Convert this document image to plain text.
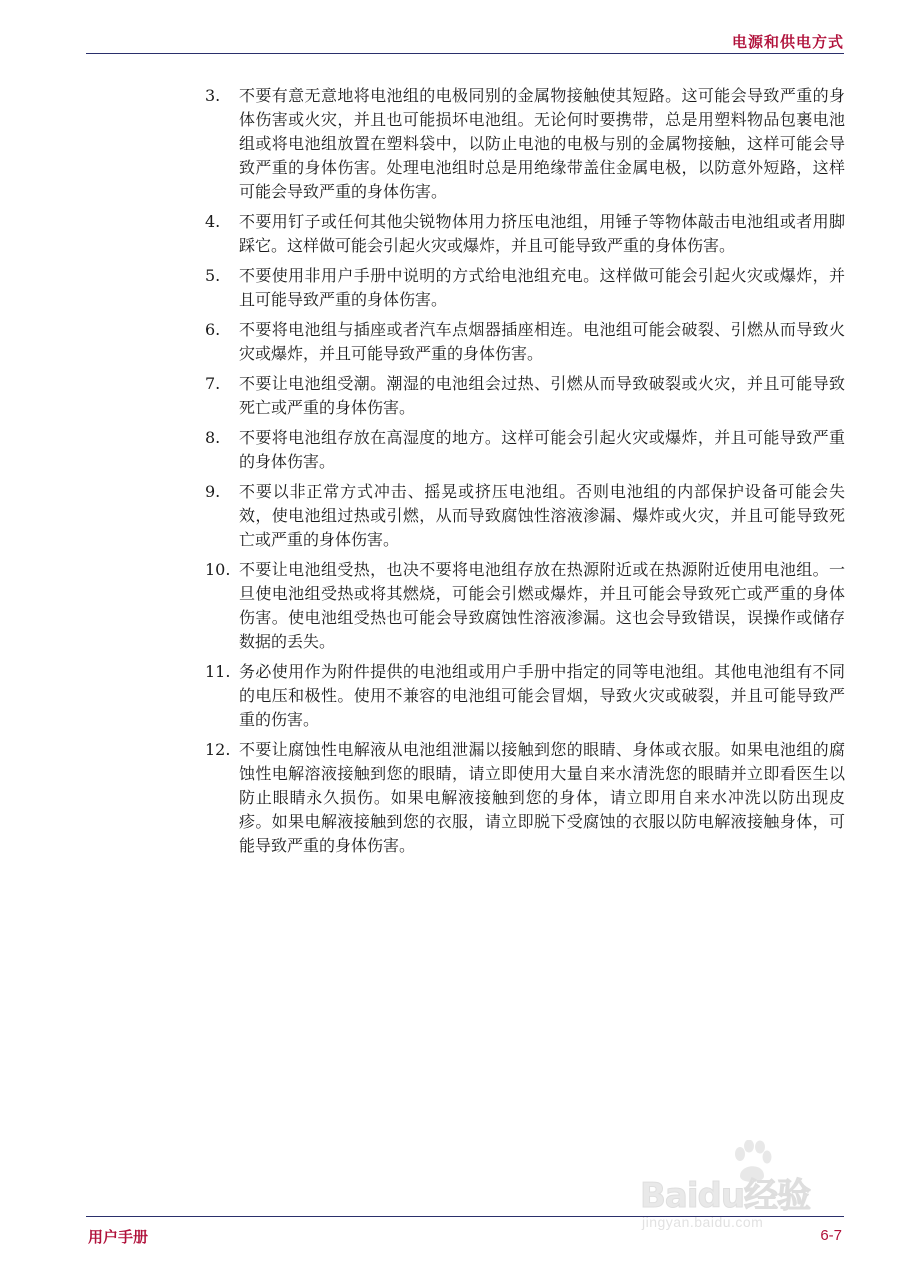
电源和供电方式
3.	不要有意无意地将电池组的电极同别的金属物接触使其短路。这可能会导致严重的身体伤害或火灾，并且也可能损坏电池组。无论何时要携带，总是用塑料物品包裹电池组或将电池组放置在塑料袋中，以防止电池的电极与别的金属物接触，这样可能会导致严重的身体伤害。处理电池组时总是用绝缘带盖住金属电极，以防意外短路，这样可能会导致严重的身体伤害。
4.	不要用钉子或任何其他尖锐物体用力挤压电池组，用锤子等物体敲击电池组或者用脚踩它。这样做可能会引起火灾或爆炸，并且可能导致严重的身体伤害。
5.	不要使用非用户手册中说明的方式给电池组充电。这样做可能会引起火灾或爆炸，并且可能导致严重的身体伤害。
6.	不要将电池组与插座或者汽车点烟器插座相连。电池组可能会破裂、引燃从而导致火灾或爆炸，并且可能导致严重的身体伤害。
7.	不要让电池组受潮。潮湿的电池组会过热、引燃从而导致破裂或火灾，并且可能导致死亡或严重的身体伤害。
8.	不要将电池组存放在高湿度的地方。这样可能会引起火灾或爆炸，并且可能导致严重的身体伤害。
9.	不要以非正常方式冲击、摇晃或挤压电池组。否则电池组的内部保护设备可能会失效，使电池组过热或引燃，从而导致腐蚀性溶液渗漏、爆炸或火灾，并且可能导致死亡或严重的身体伤害。
10. 不要让电池组受热，也决不要将电池组存放在热源附近或在热源附近使用电池组。一旦使电池组受热或将其燃烧，可能会引燃或爆炸，并且可能会导致死亡或严重的身体伤害。使电池组受热也可能会导致腐蚀性溶液渗漏。这也会导致错误，误操作或储存数据的丢失。
11. 务必使用作为附件提供的电池组或用户手册中指定的同等电池组。其他电池组有不同的电压和极性。使用不兼容的电池组可能会冒烟，导致火灾或破裂，并且可能导致严重的伤害。
12. 不要让腐蚀性电解液从电池组泄漏以接触到您的眼睛、身体或衣服。如果电池组的腐蚀性电解溶液接触到您的眼睛，请立即使用大量自来水清洗您的眼睛并立即看医生以防止眼睛永久损伤。如果电解液接触到您的身体，请立即用自来水冲洗以防出现皮疹。如果电解液接触到您的衣服，请立即脱下受腐蚀的衣服以防电解液接触身体，可能导致严重的身体伤害。
Baidu经验
jingyan.baidu.com
用户手册	6-7
